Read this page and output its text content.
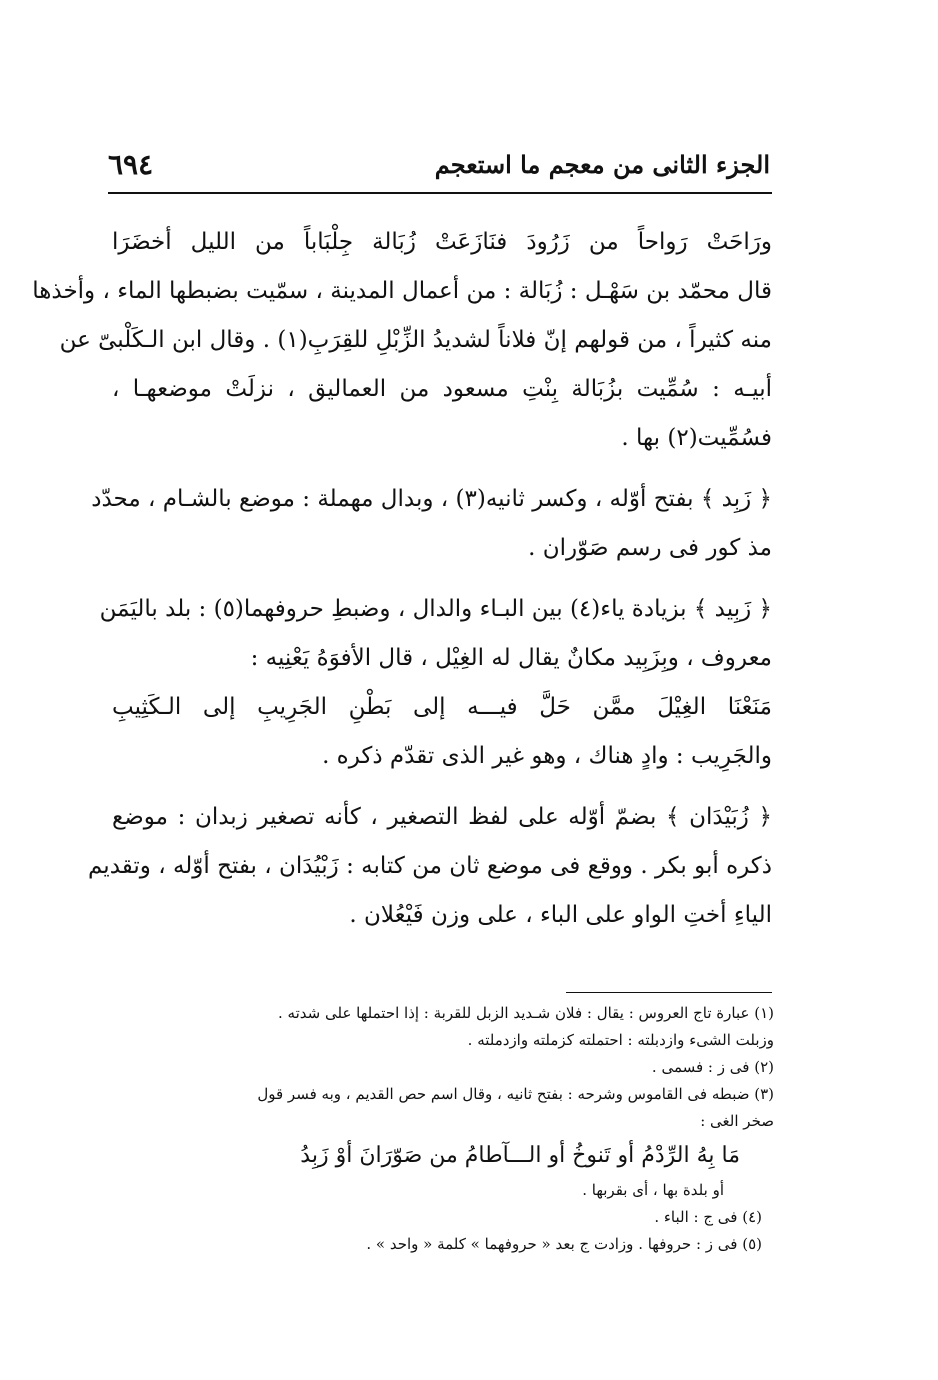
٦٩٤	الجزء الثانى من معجم ما استعجم
ورَاحَتْ رَواحاً من زَرُودَ فنَازَعَتْ زُبَالة جِلْبَاباً من الليل أخضَرَا
قال محمّد بن سَهْـل : زُبَالة : من أعمال المدينة ، سمّيت بضبطها الماء ، وأخذها
منه كثيراً ، من قولهم إنّ فلاناً لشديدُ الزِّبْلِ للقِرَبِ(١) . وقال ابن الـكَلْبىّ عن
أبيـه : سُمِّيت بزُبَالة بِنْتِ مسعود من العماليق ، نزلَتْ موضعهـا ،
فسُمِّيت(٢) بها .
﴿ زَبِد ﴾ بفتح أوّله ، وكسر ثانيه(٣) ، وبدال مهملة : موضع بالشـام ، محدّد
مذ كور فى رسم صَوّران .
﴿ زَبِيد ﴾ بزيادة ياء(٤) بين البـاء والدال ، وضبطِ حروفهما(٥) : بلد باليَمَن
معروف ، وبِزَبِيد مكانٌ يقال له الغِيْل ، قال الأفوَهُ يَعْنِيه :
مَنَعْنَا الغِيْلَ ممَّن حَلَّ فيـــه إلى بَطْنِ الجَرِيبِ إلى الـكَثِيبِ
والجَرِيب : وادٍ هناك ، وهو غير الذى تقدّم ذكره .
﴿ زُبَيْدَان ﴾ بضمّ أوّله على لفظ التصغير ، كأنه تصغير زبدان : موضع
ذكره أبو بكر . ووقع فى موضع ثان من كتابه : زَبْيُدَان ، بفتح أوّله ، وتقديم
الياءِ أختِ الواو على الباء ، على وزن فَيْعُلان .
(١) عبارة تاج العروس : يقال : فلان شـديد الزبل للقربة : إذا احتملها على شدته .
وزبلت الشىء وازدبلته : احتملته كزملته وازدملته .
(٢) فى ز : فسمى .
(٣) ضبطه فى القاموس وشرحه : بفتح ثانيه ، وقال اسم حص القديم ، وبه فسر قول
صخر الغى :
مَا بِهُ الرِّدْمُ أو تَنوخُ أو الـــآطامُ من صَوّرَانَ أوْ زَبِدُ
أو بلدة بها ، أى بقربها .
(٤) فى ج : الباء .
(٥) فى ز : حروفها . وزادت ج بعد « حروفهما » كلمة « واحد » .
